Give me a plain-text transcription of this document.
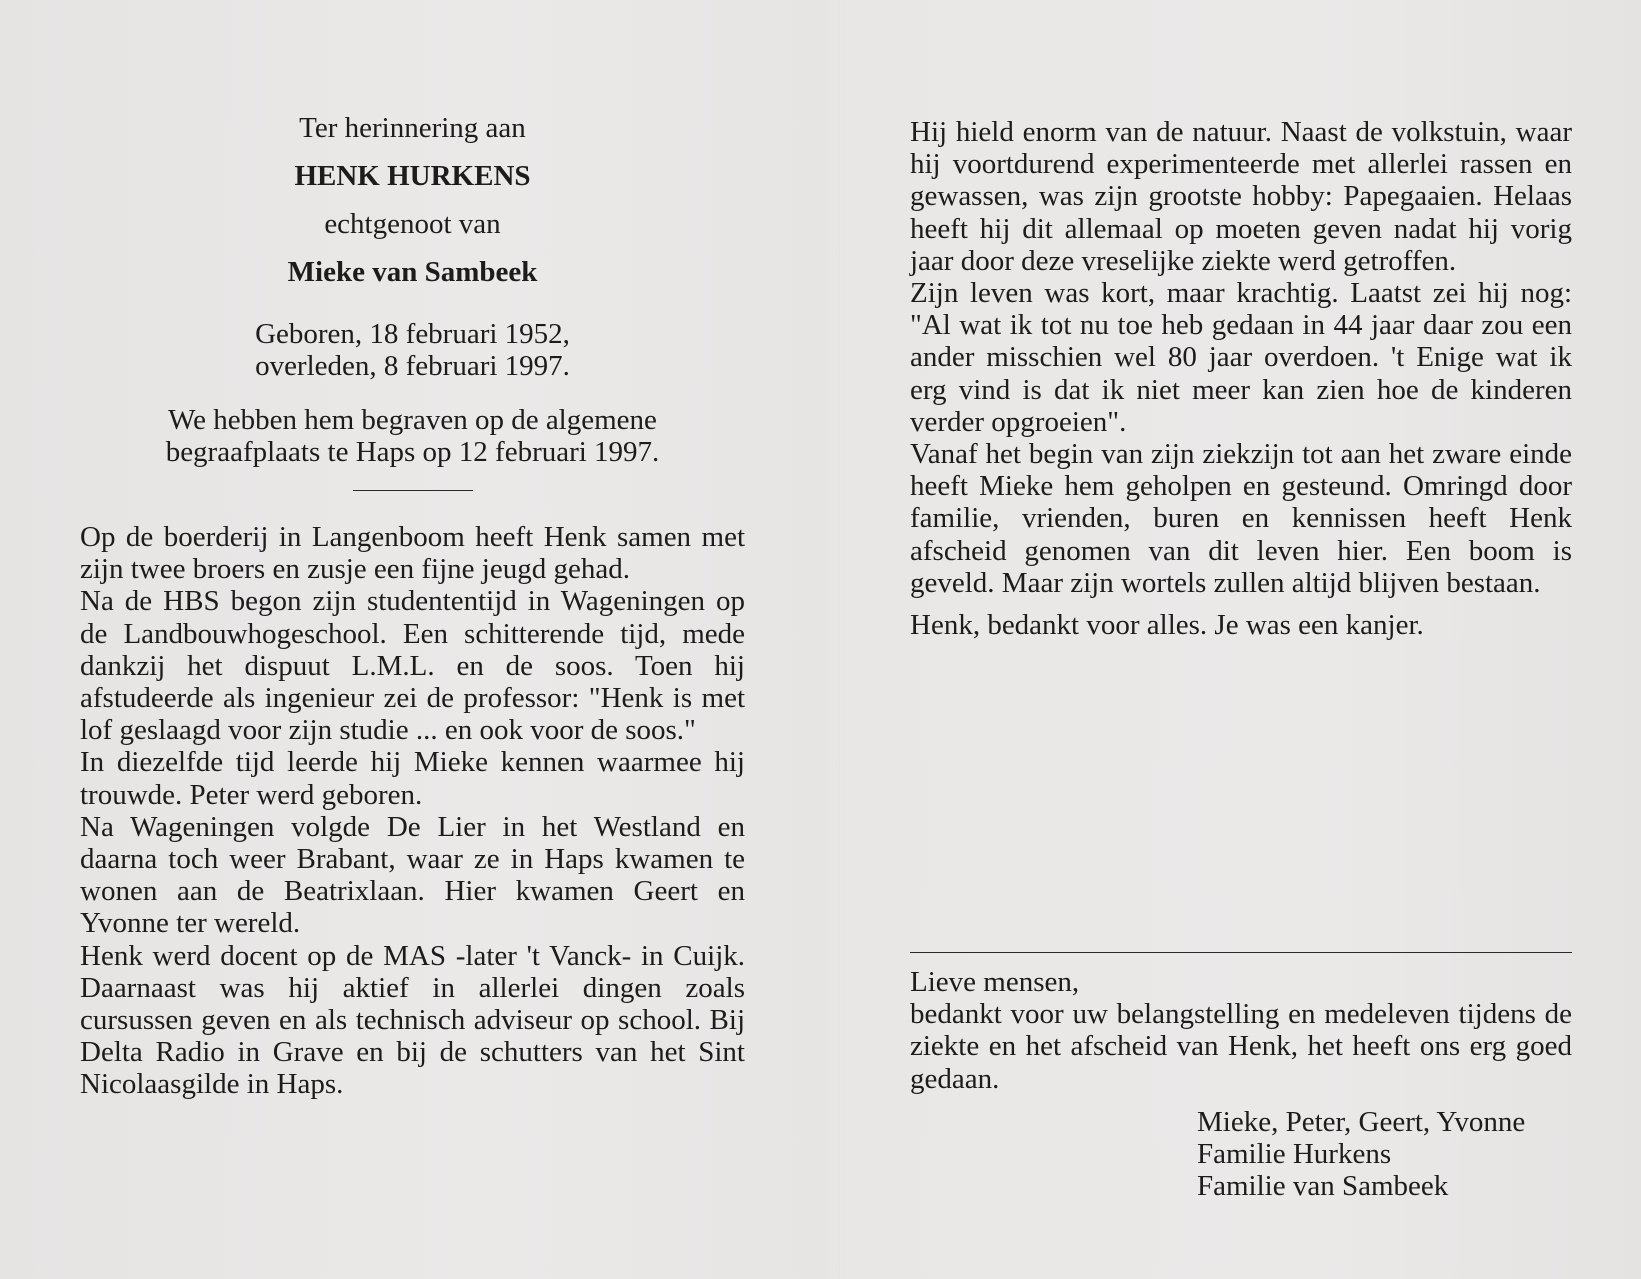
Ter herinnering aan
HENK HURKENS
echtgenoot van
Mieke van Sambeek
Geboren, 18 februari 1952,
overleden, 8 februari 1997.
We hebben hem begraven op de algemene
begraafplaats te Haps op 12 februari 1997.

Op de boerderij in Langenboom heeft Henk samen met zijn twee broers en zusje een fijne jeugd gehad.

Na de HBS begon zijn studententijd in Wageningen op de Landbouwhogeschool. Een schitterende tijd, mede dankzij het dispuut L.M.L. en de soos. Toen hij afstudeerde als ingenieur zei de professor: "Henk is met lof geslaagd voor zijn studie ... en ook voor de soos."

In diezelfde tijd leerde hij Mieke kennen waarmee hij trouwde. Peter werd geboren.

Na Wageningen volgde De Lier in het Westland en daarna toch weer Brabant, waar ze in Haps kwamen te wonen aan de Beatrixlaan. Hier kwamen Geert en Yvonne ter wereld.

Henk werd docent op de MAS -later 't Vanck- in Cuijk. Daarnaast was hij aktief in allerlei dingen zoals cursussen geven en als technisch adviseur op school. Bij Delta Radio in Grave en bij de schutters van het Sint Nicolaasgilde in Haps.

Hij hield enorm van de natuur. Naast de volkstuin, waar hij voortdurend experimenteerde met allerlei rassen en gewassen, was zijn grootste hobby: Papegaaien. Helaas heeft hij dit allemaal op moeten geven nadat hij vorig jaar door deze vreselijke ziekte werd getroffen.

Zijn leven was kort, maar krachtig. Laatst zei hij nog: "Al wat ik tot nu toe heb gedaan in 44 jaar daar zou een ander misschien wel 80 jaar overdoen. 't Enige wat ik erg vind is dat ik niet meer kan zien hoe de kinderen verder opgroeien".

Vanaf het begin van zijn ziekzijn tot aan het zware einde heeft Mieke hem geholpen en gesteund. Omringd door familie, vrienden, buren en kennissen heeft Henk afscheid genomen van dit leven hier. Een boom is geveld. Maar zijn wortels zullen altijd blijven bestaan.

Henk, bedankt voor alles. Je was een kanjer.

Lieve mensen,

bedankt voor uw belangstelling en medeleven tijdens de ziekte en het afscheid van Henk, het heeft ons erg goed gedaan.

Mieke, Peter, Geert, Yvonne
Familie Hurkens
Familie van Sambeek
